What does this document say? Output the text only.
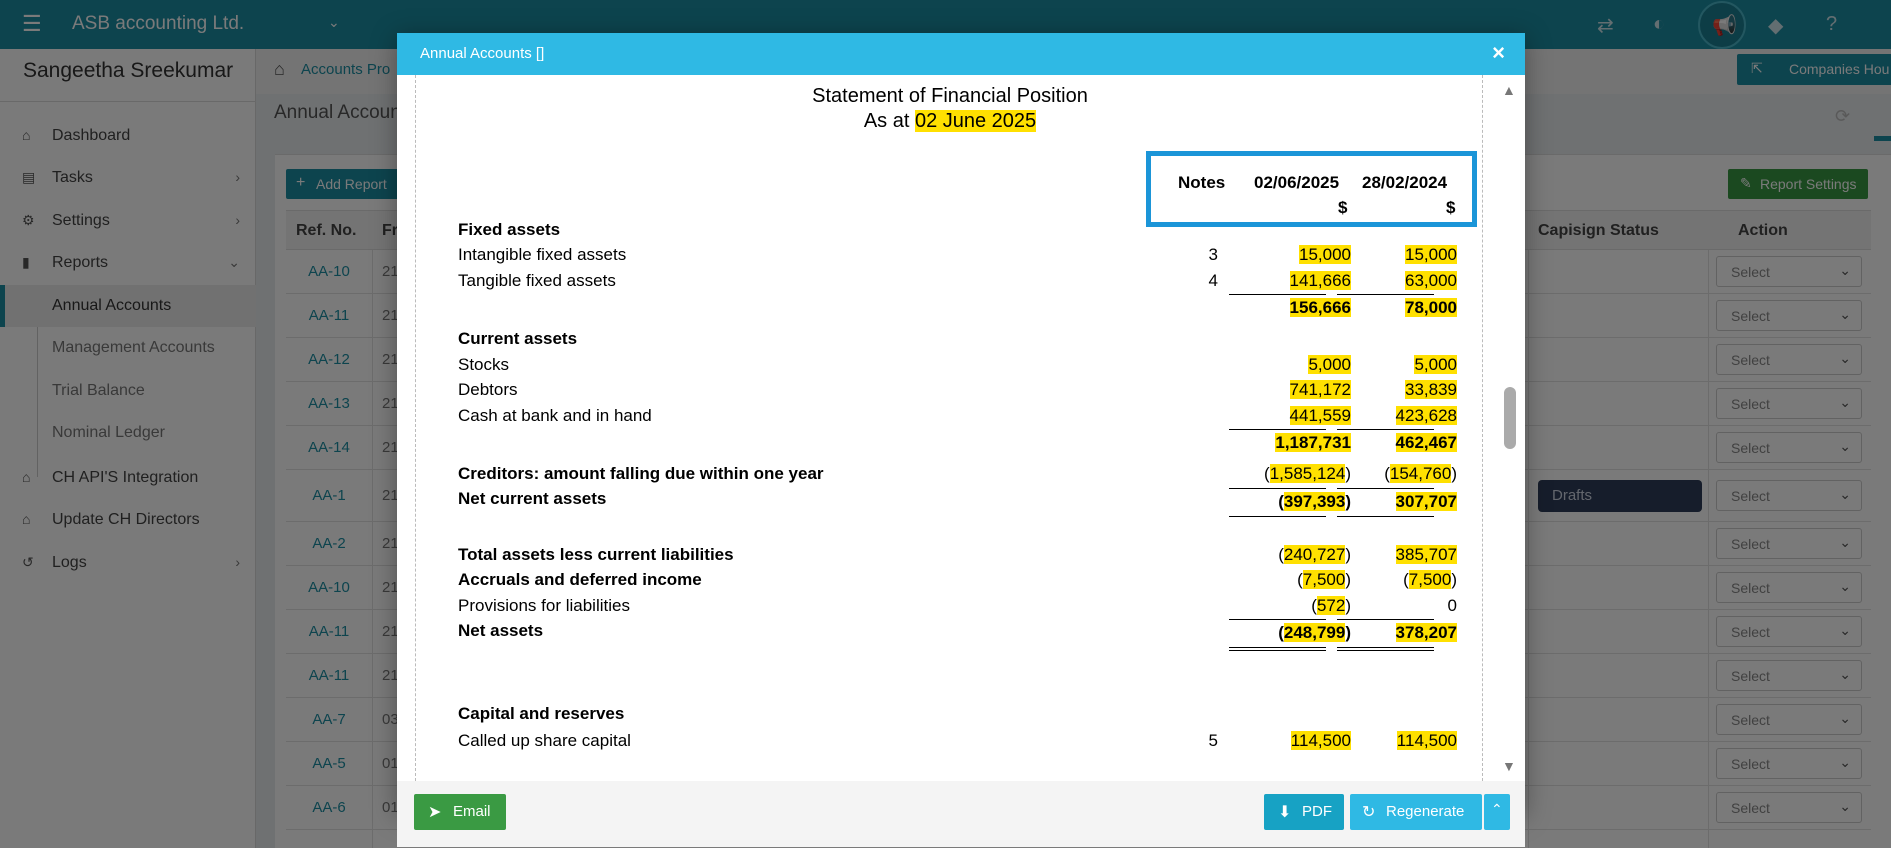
Annual Accounts []	×
Statement of Financial Position
As at 02 June 2025
Notes 02/06/2025 28/02/2024
$	$
Fixed assets
Intangible fixed assets	3	15,000	15,000
Tangible fixed assets	4	141,666	63,000
156,666	78,000
Current assets
Stocks	5,000	5,000
Debtors	741,172	33,839
Cash at bank and in hand	441,559	423,628
1,187,731	462,467
Creditors: amount falling due within one year	(1,585,124)	(154,760)
Net current assets	(397,393)	307,707
Total assets less current liabilities	(240,727)	385,707
Accruals and deferred income	(7,500)	(7,500)
Provisions for liabilities	(572)	0
Net assets	(248,799)	378,207
Capital and reserves
Called up share capital	5	114,500	114,500
▲
▼
➤ Email	⬇ PDF ↻ Regenerate ⌃
